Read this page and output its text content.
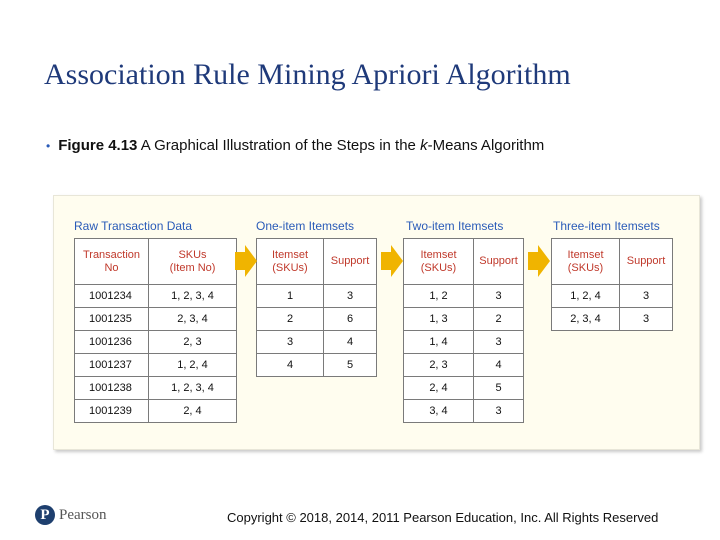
Association Rule Mining Apriori Algorithm
• Figure 4.13 A Graphical Illustration of the Steps in the k-Means Algorithm
Raw Transaction Data	One-item Itemsets	Two-item Itemsets	Three-item Itemsets
Transaction
No	SKUs
(Item No)
1001234	1, 2, 3, 4
1001235	2, 3, 4
1001236	2, 3
1001237	1, 2, 4
1001238	1, 2, 3, 4
1001239	2, 4
Itemset
(SKUs)	Support
1	3
2	6
3	4
4	5
Itemset
(SKUs)	Support
1, 2	3
1, 3	2
1, 4	3
2, 3	4
2, 4	5
3, 4	3
Itemset
(SKUs)	Support
1, 2, 4	3
2, 3, 4	3
P Pearson	Copyright © 2018, 2014, 2011 Pearson Education, Inc. All Rights Reserved
